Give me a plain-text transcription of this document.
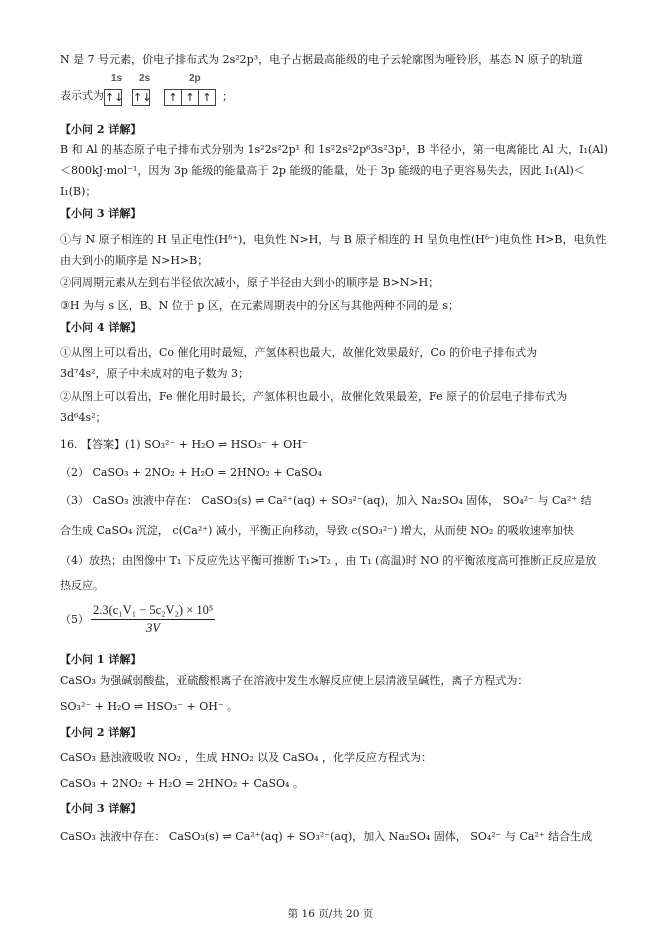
N 是 7 号元素，价电子排布式为 2s²2p³，电子占据最高能级的电子云轮廓图为哑铃形，基态 N 原子的轨道
【小问 2 详解】
B 和 Al 的基态原子电子排布式分别为 1s²2s²2p¹ 和 1s²2s²2p⁶3s²3p¹，B 半径小，第一电离能比 Al 大，I₁(Al)
＜800kJ·mol⁻¹，因为 3p 能级的能量高于 2p 能级的能量，处于 3p 能级的电子更容易失去，因此 I₁(Al)＜
I₁(B)；
【小问 3 详解】
①与 N 原子相连的 H 呈正电性(Hᵟ⁺)，电负性 N>H，与 B 原子相连的 H 呈负电性(Hᵟ⁻)电负性 H>B，电负性
由大到小的顺序是 N>H>B；
②同周期元素从左到右半径依次减小，原子半径由大到小的顺序是 B>N>H；
③H 为与 s 区，B、N 位于 p 区，在元素周期表中的分区与其他两种不同的是 s；
【小问 4 详解】
①从图上可以看出，Co 催化用时最短，产氢体积也最大，故催化效果最好，Co 的价电子排布式为
3d⁷4s²，原子中未成对的电子数为 3；
②从图上可以看出，Fe 催化用时最长，产氢体积也最小，故催化效果最差，Fe 原子的价层电子排布式为
3d⁶4s²；
16. 【答案】(1) SO₃²⁻ + H₂O ⇌ HSO₃⁻ + OH⁻
（2） CaSO₃ + 2NO₂ + H₂O = 2HNO₂ + CaSO₄
（3） CaSO₃ 浊液中存在： CaSO₃(s) ⇌ Ca²⁺(aq) + SO₃²⁻(aq)，加入 Na₂SO₄ 固体， SO₄²⁻ 与 Ca²⁺ 结
合生成 CaSO₄ 沉淀， c(Ca²⁺) 减小，平衡正向移动，导致 c(SO₃²⁻) 增大，从而使 NO₂ 的吸收速率加快
（4）放热；由图像中 T₁ 下反应先达平衡可推断 T₁>T₂ ，由 T₁ (高温)时 NO 的平衡浓度高可推断正反应是放
热反应。
（5）
【小问 1 详解】
CaSO₃ 为强碱弱酸盐，亚硫酸根离子在溶液中发生水解反应使上层清液呈碱性，离子方程式为：
SO₃²⁻ + H₂O ⇌ HSO₃⁻ + OH⁻ 。
【小问 2 详解】
CaSO₃ 悬浊液吸收 NO₂ ，生成 HNO₂ 以及 CaSO₄ ，化学反应方程式为：
CaSO₃ + 2NO₂ + H₂O = 2HNO₂ + CaSO₄ 。
【小问 3 详解】
CaSO₃ 浊液中存在： CaSO₃(s) ⇌ Ca²⁺(aq) + SO₃²⁻(aq)，加入 Na₂SO₄ 固体， SO₄²⁻ 与 Ca²⁺ 结合生成
表示式为
1s 2s	2p
↑↓ ↑↓	↑ ↑ ↑ ；
$\frac{\text{2.3(c₁V₁ − 5c₂V₂) × 10⁵}}{3V}$
第 16 页/共 20 页
